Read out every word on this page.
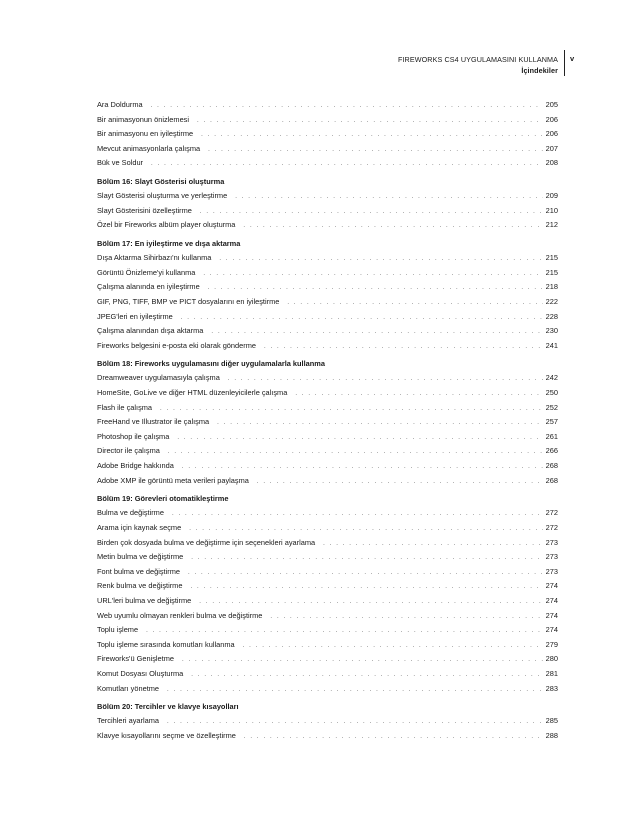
FIREWORKS CS4 UYGULAMASINI KULLANMA
İçindekiler
v
Ara Doldurma . . .	205
Bir animasyonun önizlemesi . . .	206
Bir animasyonu en iyileştirme . . .	206
Mevcut animasyonlarla çalışma . . .	207
Bük ve Soldur . . .	208
Bölüm 16: Slayt Gösterisi oluşturma
Slayt Gösterisi oluşturma ve yerleştirme . . .	209
Slayt Gösterisini özelleştirme . . .	210
Özel bir Fireworks albüm player oluşturma . . .	212
Bölüm 17: En iyileştirme ve dışa aktarma
Dışa Aktarma Sihirbazı'nı kullanma . . .	215
Görüntü Önizleme'yi kullanma . . .	215
Çalışma alanında en iyileştirme . . .	218
GIF, PNG, TIFF, BMP ve PICT dosyalarını en iyileştirme . . .	222
JPEG'leri en iyileştirme . . .	228
Çalışma alanından dışa aktarma . . .	230
Fireworks belgesini e-posta eki olarak gönderme . . .	241
Bölüm 18: Fireworks uygulamasını diğer uygulamalarla kullanma
Dreamweaver uygulamasıyla çalışma . . .	242
HomeSite, GoLive ve diğer HTML düzenleyicilerle çalışma . . .	250
Flash ile çalışma . . .	252
FreeHand ve Illustrator ile çalışma . . .	257
Photoshop ile çalışma . . .	261
Director ile çalışma . . .	266
Adobe Bridge hakkında . . .	268
Adobe XMP ile görüntü meta verileri paylaşma . . .	268
Bölüm 19: Görevleri otomatikleştirme
Bulma ve değiştirme . . .	272
Arama için kaynak seçme . . .	272
Birden çok dosyada bulma ve değiştirme için seçenekleri ayarlama . . .	273
Metin bulma ve değiştirme . . .	273
Font bulma ve değiştirme . . .	273
Renk bulma ve değiştirme . . .	274
URL'leri bulma ve değiştirme . . .	274
Web uyumlu olmayan renkleri bulma ve değiştirme . . .	274
Toplu işleme . . .	274
Toplu işleme sırasında komutları kullanma . . .	279
Fireworks'ü Genişletme . . .	280
Komut Dosyası Oluşturma . . .	281
Komutları yönetme . . .	283
Bölüm 20: Tercihler ve klavye kısayolları
Tercihleri ayarlama . . .	285
Klavye kısayollarını seçme ve özelleştirme . . .	288
